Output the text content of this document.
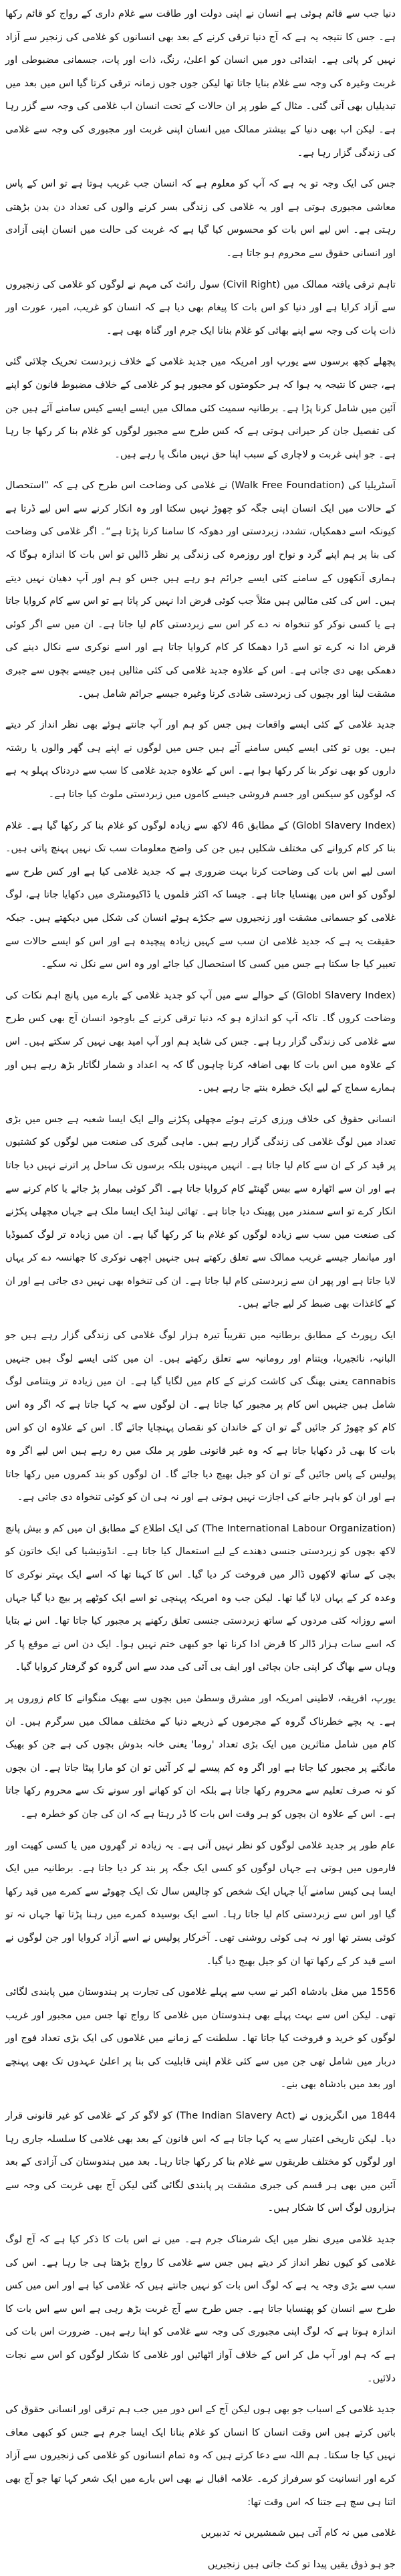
دنیا جب سے قائم ہوئی ہے انسان نے اپنی دولت اور طاقت سے غلام داری کے رواج کو قائم رکھا ہے۔ جس کا نتیجہ یہ ہے کہ آج دنیا ترقی کرنے کے بعد بھی انسانوں کو غلامی کی زنجیر سے آزاد نہیں کر پائی ہے۔ ابتدائی دور میں انسان کو اعلیٰ، رنگ، ذات اور پات، جسمانی مضبوطی اور غربت وغیرہ کی وجہ سے غلام بنایا جاتا تھا لیکن جوں جوں زمانہ ترقی کرتا گیا اس میں بعد میں تبدیلیاں بھی آتی گئی۔ مثال کے طور پر ان حالات کے تحت انسان اب غلامی کی وجہ سے گزر رہا ہے۔ لیکن اب بھی دنیا کے بیشتر ممالک میں انسان اپنی غربت اور مجبوری کی وجہ سے غلامی کی زندگی گزار رہا ہے۔

جس کی ایک وجہ تو یہ ہے کہ آپ کو معلوم ہے کہ انسان جب غریب ہوتا ہے تو اس کے پاس معاشی مجبوری ہوتی ہے اور یہ غلامی کی زندگی بسر کرنے والوں کی تعداد دن بدن بڑھتی رہتی ہے۔ اس لیے اس بات کو محسوس کیا گیا ہے کہ غربت کی حالت میں انسان اپنی آزادی اور انسانی حقوق سے محروم ہو جاتا ہے۔

تاہم ترقی یافتہ ممالک میں (Civil Right) سول رائٹ کی مہم نے لوگوں کو غلامی کی زنجیروں سے آزاد کرایا ہے اور دنیا کو اس بات کا پیغام بھی دیا ہے کہ انسان کو غریب، امیر، عورت اور ذات پات کی وجہ سے اپنے بھائی کو غلام بنانا ایک جرم اور گناہ بھی ہے۔

پچھلے کچھ برسوں سے یورپ اور امریکہ میں جدید غلامی کے خلاف زبردست تحریک چلائی گئی ہے، جس کا نتیجہ یہ ہوا کہ ہر حکومتوں کو مجبور ہو کر غلامی کے خلاف مضبوط قانون کو اپنے آئین میں شامل کرنا پڑا ہے۔ برطانیہ سمیت کئی ممالک میں ایسے ایسے کیس سامنے آئے ہیں جن کی تفصیل جان کر حیرانی ہوتی ہے کہ کس طرح سے مجبور لوگوں کو غلام بنا کر رکھا جا رہا ہے۔ جو اپنی غربت و لاچاری کے سبب اپنا حق نہیں مانگ پا رہے ہیں۔

آسٹریلیا کی (Walk Free Foundation) نے غلامی کی وضاحت اس طرح کی ہے کہ ”استحصال کے حالات میں ایک انسان اپنی جگہ کو چھوڑ نہیں سکتا اور وہ انکار کرنے سے اس لیے ڈرتا ہے کیونکہ اسے دھمکیاں، تشدد، زبردستی اور دھوکہ کا سامنا کرنا پڑتا ہے“۔ اگر غلامی کی وضاحت کی بنا پر ہم اپنے گرد و نواح اور روزمرہ کی زندگی پر نظر ڈالیں تو اس بات کا اندازہ ہوگا کہ ہماری آنکھوں کے سامنے کئی ایسے جرائم ہو رہے ہیں جس کو ہم اور آپ دھیان نہیں دیتے ہیں۔ اس کی کئی مثالیں ہیں مثلاً جب کوئی قرض ادا نہیں کر پاتا ہے تو اس سے کام کروایا جاتا ہے یا کسی نوکر کو تنخواہ نہ دے کر اس سے زبردستی کام لیا جاتا ہے۔ ان میں سے اگر کوئی قرض ادا نہ کرے تو اسے ڈرا دھمکا کر کام کروایا جاتا ہے اور اسے نوکری سے نکال دینے کی دھمکی بھی دی جاتی ہے۔ اس کے علاوہ جدید غلامی کی کئی مثالیں ہیں جیسے بچوں سے جبری مشقت لینا اور بچیوں کی زبردستی شادی کرنا وغیرہ جیسے جرائم شامل ہیں۔

جدید غلامی کے کئی ایسے واقعات ہیں جس کو ہم اور آپ جانتے ہوئے بھی نظر انداز کر دیتے ہیں۔ یوں تو کئی ایسے کیس سامنے آئے ہیں جس میں لوگوں نے اپنے ہی گھر والوں یا رشتہ داروں کو بھی نوکر بنا کر رکھا ہوا ہے۔ اس کے علاوہ جدید غلامی کا سب سے دردناک پہلو یہ ہے کہ لوگوں کو سیکس اور جسم فروشی جیسے کاموں میں زبردستی ملوث کیا جاتا ہے۔

(Globl Slavery Index) کے مطابق 46 لاکھ سے زیادہ لوگوں کو غلام بنا کر رکھا گیا ہے۔ غلام بنا کر کام کروانے کی مختلف شکلیں ہیں جن کی واضح معلومات سب تک نہیں پہنچ پاتی ہیں۔ اسی لیے اس بات کی وضاحت کرنا بہت ضروری ہے کہ جدید غلامی کیا ہے اور کس طرح سے لوگوں کو اس میں پھنسایا جاتا ہے۔ جیسا کہ اکثر فلموں یا ڈاکیومنٹری میں دکھایا جاتا ہے، لوگ غلامی کو جسمانی مشقت اور زنجیروں سے جکڑے ہوئے انسان کی شکل میں دیکھتے ہیں۔ جبکہ حقیقت یہ ہے کہ جدید غلامی ان سب سے کہیں زیادہ پیچیدہ ہے اور اس کو ایسے حالات سے تعبیر کیا جا سکتا ہے جس میں کسی کا استحصال کیا جائے اور وہ اس سے نکل نہ سکے۔

(Globl Slavery Index) کے حوالے سے میں آپ کو جدید غلامی کے بارے میں پانچ اہم نکات کی وضاحت کروں گا۔ تاکہ آپ کو اندازہ ہو کہ دنیا ترقی کرنے کے باوجود انسان آج بھی کس طرح سے غلامی کی زندگی گزار رہا ہے۔ جس کی شاید ہم اور آپ امید بھی نہیں کر سکتے ہیں۔ اس کے علاوہ میں اس بات کا بھی اضافہ کرنا چاہوں گا کہ یہ اعداد و شمار لگاتار بڑھ رہے ہیں اور ہمارے سماج کے لیے ایک خطرہ بنتے جا رہے ہیں۔

انسانی حقوق کی خلاف ورزی کرتے ہوئے مچھلی پکڑنے والے ایک ایسا شعبہ ہے جس میں بڑی تعداد میں لوگ غلامی کی زندگی گزار رہے ہیں۔ ماہی گیری کی صنعت میں لوگوں کو کشتیوں پر قید کر کے ان سے کام لیا جاتا ہے۔ انہیں مہینوں بلکہ برسوں تک ساحل پر اترنے نہیں دیا جاتا ہے اور ان سے اٹھارہ سے بیس گھنٹے کام کروایا جاتا ہے۔ اگر کوئی بیمار پڑ جائے یا کام کرنے سے انکار کرے تو اسے سمندر میں پھینک دیا جاتا ہے۔ تھائی لینڈ ایک ایسا ملک ہے جہاں مچھلی پکڑنے کی صنعت میں سب سے زیادہ لوگوں کو غلام بنا کر رکھا گیا ہے۔ ان میں زیادہ تر لوگ کمبوڈیا اور میانمار جیسے غریب ممالک سے تعلق رکھتے ہیں جنہیں اچھی نوکری کا جھانسہ دے کر یہاں لایا جاتا ہے اور پھر ان سے زبردستی کام لیا جاتا ہے۔ ان کی تنخواہ بھی نہیں دی جاتی ہے اور ان کے کاغذات بھی ضبط کر لیے جاتے ہیں۔

ایک رپورٹ کے مطابق برطانیہ میں تقریباً تیرہ ہزار لوگ غلامی کی زندگی گزار رہے ہیں جو البانیہ، نائجیریا، ویتنام اور رومانیہ سے تعلق رکھتے ہیں۔ ان میں کئی ایسے لوگ ہیں جنہیں cannabis یعنی بھنگ کی کاشت کرنے کے کام میں لگایا گیا ہے۔ ان میں زیادہ تر ویتنامی لوگ شامل ہیں جنہیں اس کام پر مجبور کیا جاتا ہے۔ ان لوگوں سے یہ کہا جاتا ہے کہ اگر وہ اس کام کو چھوڑ کر جائیں گے تو ان کے خاندان کو نقصان پہنچایا جائے گا۔ اس کے علاوہ ان کو اس بات کا بھی ڈر دکھایا جاتا ہے کہ وہ غیر قانونی طور پر ملک میں رہ رہے ہیں اس لیے اگر وہ پولیس کے پاس جائیں گے تو ان کو جیل بھیج دیا جائے گا۔ ان لوگوں کو بند کمروں میں رکھا جاتا ہے اور ان کو باہر جانے کی اجازت نہیں ہوتی ہے اور نہ ہی ان کو کوئی تنخواہ دی جاتی ہے۔

(The International Labour Organization) کی ایک اطلاع کے مطابق ان میں کم و بیش پانچ لاکھ بچوں کو زبردستی جنسی دھندے کے لیے استعمال کیا جاتا ہے۔ انڈونیشیا کی ایک خاتون کو بچی کے ساتھ لاکھوں ڈالر میں فروخت کر دیا گیا۔ اس کا کہنا تھا کہ اسے ایک بہتر نوکری کا وعدہ کر کے یہاں لایا گیا تھا۔ لیکن جب وہ امریکہ پہنچی تو اسے ایک کوٹھے پر بیچ دیا گیا جہاں اسے روزانہ کئی مردوں کے ساتھ زبردستی جنسی تعلق رکھنے پر مجبور کیا جاتا تھا۔ اس نے بتایا کہ اسے سات ہزار ڈالر کا قرض ادا کرنا تھا جو کبھی ختم نہیں ہوا۔ ایک دن اس نے موقع پا کر وہاں سے بھاگ کر اپنی جان بچائی اور ایف بی آئی کی مدد سے اس گروہ کو گرفتار کروایا گیا۔

یورپ، افریقہ، لاطینی امریکہ اور مشرق وسطیٰ میں بچوں سے بھیک منگوانے کا کام زوروں پر ہے۔ یہ بچے خطرناک گروہ کے مجرموں کے ذریعے دنیا کے مختلف ممالک میں سرگرم ہیں۔ ان کام میں شامل متاثرین میں ایک بڑی تعداد 'روما' یعنی خانہ بدوش بچوں کی ہے جن کو بھیک مانگنے پر مجبور کیا جاتا ہے اور اگر وہ کم پیسے لے کر آئیں تو ان کو مارا پیٹا جاتا ہے۔ ان بچوں کو نہ صرف تعلیم سے محروم رکھا جاتا ہے بلکہ ان کو کھانے اور سونے تک سے محروم رکھا جاتا ہے۔ اس کے علاوہ ان بچوں کو ہر وقت اس بات کا ڈر رہتا ہے کہ ان کی جان کو خطرہ ہے۔

عام طور پر جدید غلامی لوگوں کو نظر نہیں آتی ہے۔ یہ زیادہ تر گھروں میں یا کسی کھیت اور فارموں میں ہوتی ہے جہاں لوگوں کو کسی ایک جگہ پر بند کر دیا جاتا ہے۔ برطانیہ میں ایک ایسا ہی کیس سامنے آیا جہاں ایک شخص کو چالیس سال تک ایک چھوٹے سے کمرے میں قید رکھا گیا اور اس سے زبردستی کام لیا جاتا رہا۔ اسے ایک بوسیدہ کمرے میں رہنا پڑتا تھا جہاں نہ تو کوئی بستر تھا اور نہ ہی کوئی روشنی تھی۔ آخرکار پولیس نے اسے آزاد کروایا اور جن لوگوں نے اسے قید کر کے رکھا تھا ان کو جیل بھیج دیا گیا۔

1556 میں مغل بادشاہ اکبر نے سب سے پہلے غلاموں کی تجارت پر ہندوستان میں پابندی لگائی تھی۔ لیکن اس سے بہت پہلے بھی ہندوستان میں غلامی کا رواج تھا جس میں مجبور اور غریب لوگوں کو خرید و فروخت کیا جاتا تھا۔ سلطنت کے زمانے میں غلاموں کی ایک بڑی تعداد فوج اور دربار میں شامل تھی جن میں سے کئی غلام اپنی قابلیت کی بنا پر اعلیٰ عہدوں تک بھی پہنچے اور بعد میں بادشاہ بھی بنے۔

1844 میں انگریزوں نے (The Indian Slavery Act) کو لاگو کر کے غلامی کو غیر قانونی قرار دیا۔ لیکن تاریخی اعتبار سے یہ کہا جاتا ہے کہ اس قانون کے بعد بھی غلامی کا سلسلہ جاری رہا اور لوگوں کو مختلف طریقوں سے غلام بنا کر رکھا جاتا رہا۔ بعد میں ہندوستان کی آزادی کے بعد آئین میں بھی ہر قسم کی جبری مشقت پر پابندی لگائی گئی لیکن آج بھی غربت کی وجہ سے ہزاروں لوگ اس کا شکار ہیں۔

جدید غلامی میری نظر میں ایک شرمناک جرم ہے۔ میں نے اس بات کا ذکر کیا ہے کہ آج لوگ غلامی کو کیوں نظر انداز کر دیتے ہیں جس سے غلامی کا رواج بڑھتا ہی جا رہا ہے۔ اس کی سب سے بڑی وجہ یہ ہے کہ لوگ اس بات کو نہیں جانتے ہیں کہ غلامی کیا ہے اور اس میں کس طرح سے انسان کو پھنسایا جاتا ہے۔ جس طرح سے آج غربت بڑھ رہی ہے اس سے اس بات کا اندازہ ہوتا ہے کہ لوگ اپنی مجبوری کی وجہ سے غلامی کو اپنا رہے ہیں۔ ضرورت اس بات کی ہے کہ ہم اور آپ مل کر اس کے خلاف آواز اٹھائیں اور غلامی کا شکار لوگوں کو اس سے نجات دلائیں۔

جدید غلامی کے اسباب جو بھی ہوں لیکن آج کے اس دور میں جب ہم ترقی اور انسانی حقوق کی باتیں کرتے ہیں اس وقت انسان کا انسان کو غلام بنانا ایک ایسا جرم ہے جس کو کبھی معاف نہیں کیا جا سکتا۔ ہم اللہ سے دعا کرتے ہیں کہ وہ تمام انسانوں کو غلامی کی زنجیروں سے آزاد کرے اور انسانیت کو سرفراز کرے۔ علامہ اقبال نے بھی اس بارے میں ایک شعر کہا تھا جو آج بھی اتنا ہی سچ ہے جتنا کہ اس وقت تھا:

غلامی میں نہ کام آتی ہیں شمشیریں نہ تدبیریں

جو ہو ذوق یقیں پیدا تو کٹ جاتی ہیں زنجیریں
